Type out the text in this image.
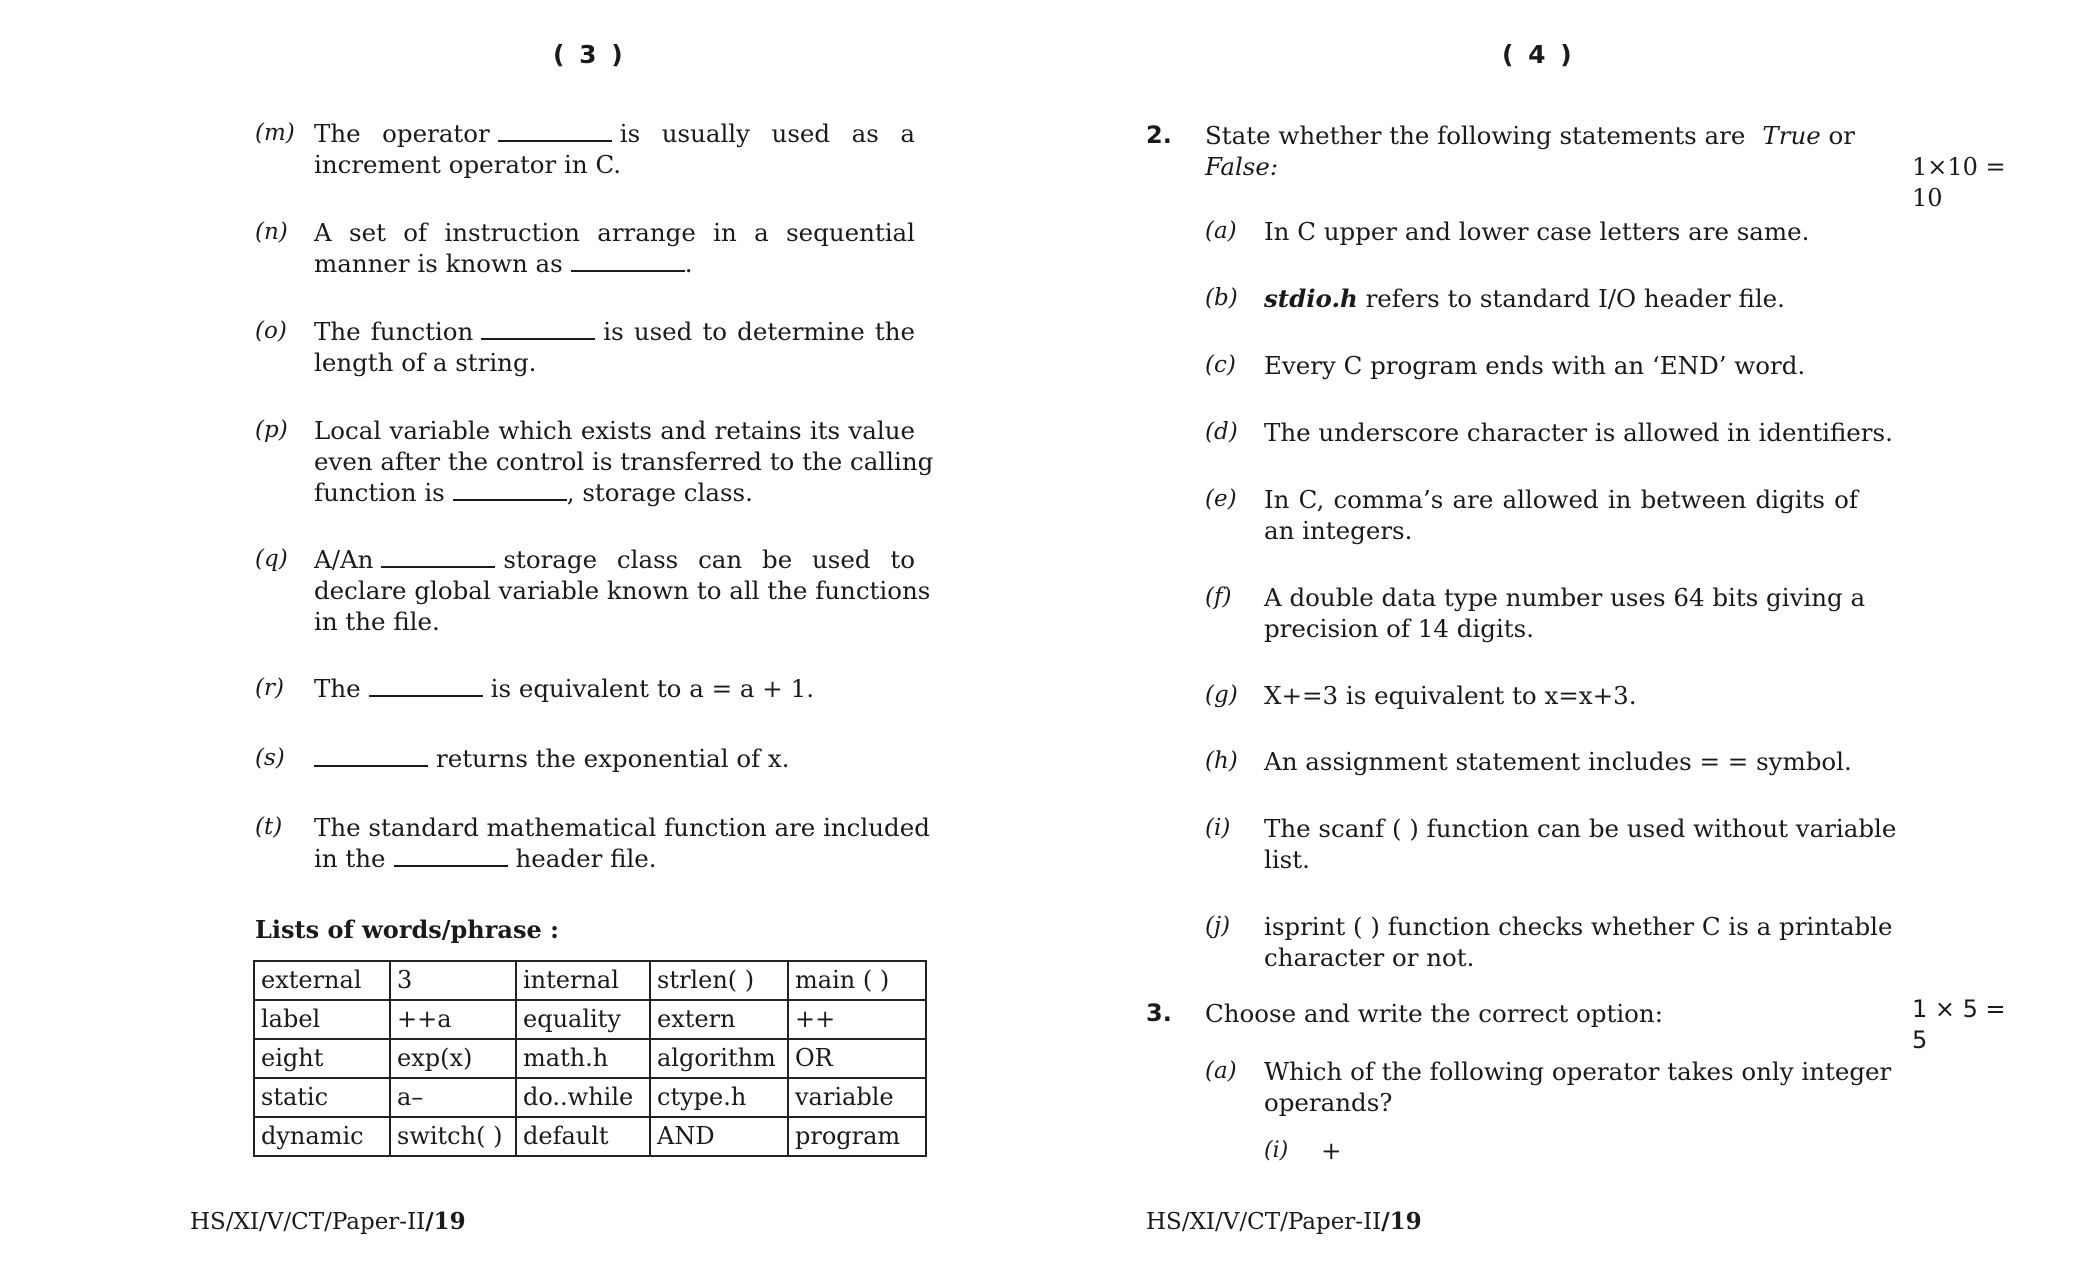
( 3 )
(m) The operator	is usually used as a
increment operator in C.
(n) A set of instruction arrange in a sequential
manner is known as	.
(o) The function	is used to determine the
length of a string.
(p) Local variable which exists and retains its value
even after the control is transferred to the calling
function is	, storage class.
(q) A/An	storage class can be used to
declare global variable known to all the functions
in the file.
(r) The	is equivalent to a = a + 1.
(s)	returns the exponential of x.
(t) The standard mathematical function are included
in the	header file.
Lists of words/phrase :
external	3	internal	strlen( )	main ( )
label	++a	equality	extern	++
eight	exp(x)	math.h	algorithm	OR
static	a–	do..while	ctype.h	variable
dynamic	switch( )	default	AND	program
HS/XI/V/CT/Paper-II/19
( 4 )
2. State whether the following statements are True or
False:	1×10 = 10
(a) In C upper and lower case letters are same.
(b) stdio.h refers to standard I/O header file.
(c) Every C program ends with an ‘END’ word.
(d) The underscore character is allowed in identifiers.
(e) In C, comma’s are allowed in between digits of
an integers.
(f) A double data type number uses 64 bits giving a
precision of 14 digits.
(g) X+=3 is equivalent to x=x+3.
(h) An assignment statement includes = = symbol.
(i) The scanf ( ) function can be used without variable
list.
(j) isprint ( ) function checks whether C is a printable
character or not.
3. Choose and write the correct option:	1 × 5 = 5
(a) Which of the following operator takes only integer
operands?
(i) +
HS/XI/V/CT/Paper-II/19
